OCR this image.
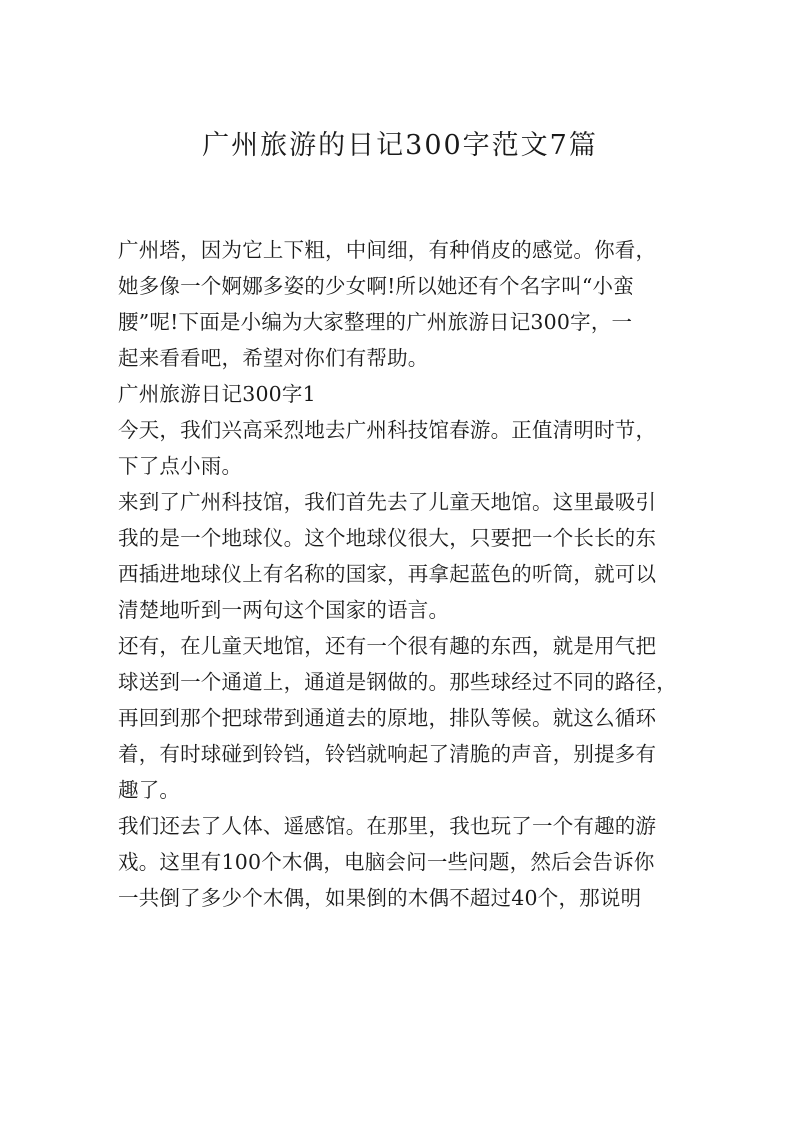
广州旅游的日记300字范文7篇

广州塔，因为它上下粗，中间细，有种俏皮的感觉。你看，
她多像一个婀娜多姿的少女啊!所以她还有个名字叫“小蛮
腰”呢!下面是小编为大家整理的广州旅游日记300字，一
起来看看吧，希望对你们有帮助。

广州旅游日记300字1

今天，我们兴高采烈地去广州科技馆春游。正值清明时节，
下了点小雨。

来到了广州科技馆，我们首先去了儿童天地馆。这里最吸引
我的是一个地球仪。这个地球仪很大，只要把一个长长的东
西插进地球仪上有名称的国家，再拿起蓝色的听筒，就可以
清楚地听到一两句这个国家的语言。

还有，在儿童天地馆，还有一个很有趣的东西，就是用气把
球送到一个通道上，通道是钢做的。那些球经过不同的路径，
再回到那个把球带到通道去的原地，排队等候。就这么循环
着，有时球碰到铃铛，铃铛就响起了清脆的声音，别提多有
趣了。

我们还去了人体、遥感馆。在那里，我也玩了一个有趣的游
戏。这里有100个木偶，电脑会问一些问题，然后会告诉你
一共倒了多少个木偶，如果倒的木偶不超过40个，那说明
